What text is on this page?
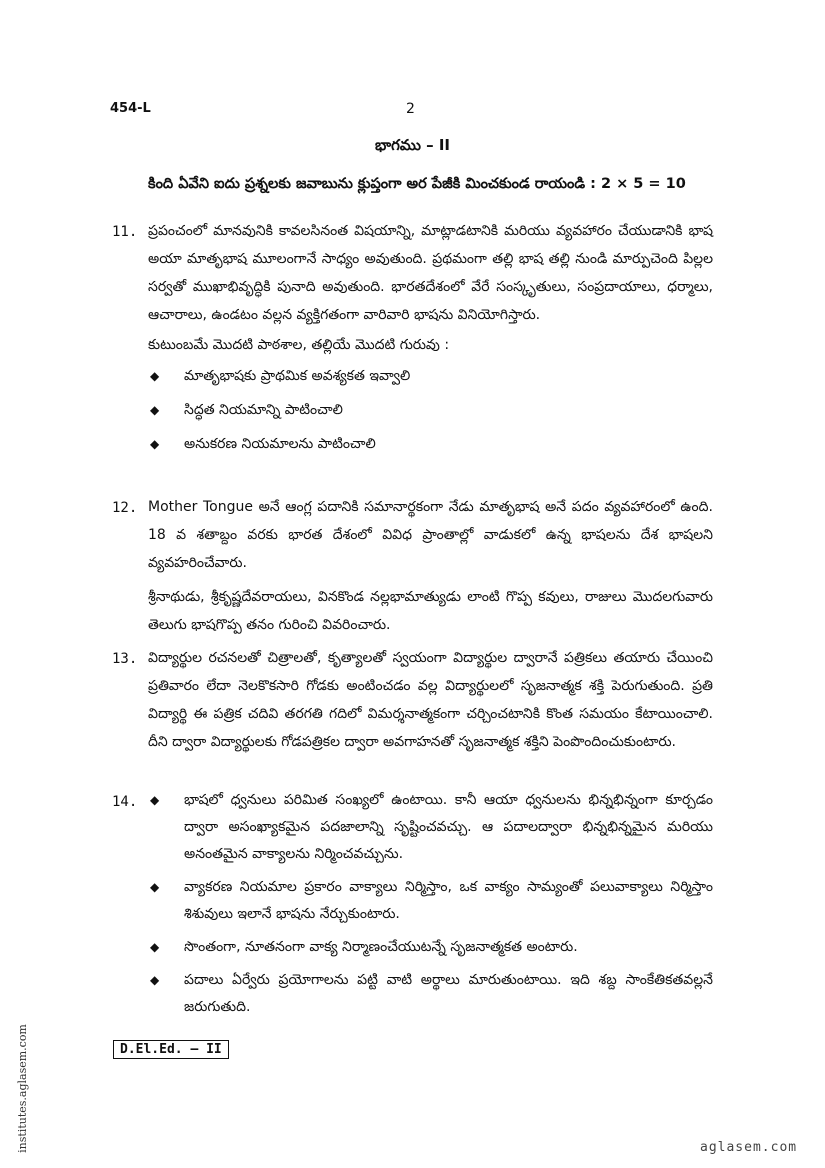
454-L	2
భాగము – II
కింది ఏవేని ఐదు ప్రశ్నలకు జవాబును క్లుప్తంగా అర పేజీకి మించకుండ రాయండి : 2 × 5 = 10
11. ప్రపంచంలో మానవునికి కావలసినంత విషయాన్ని, మాట్లాడటానికి మరియు వ్యవహారం చేయుడానికి భాష అయా మాతృభాష మూలంగానే సాధ్యం అవుతుంది. ప్రథమంగా తల్లి భాష తల్లి నుండి మార్పుచెంది పిల్లల సర్వతో ముఖాభివృద్ధికి పునాది అవుతుంది. భారతదేశంలో వేరే సంస్కృతులు, సంప్రదాయాలు, ధర్మాలు, ఆచారాలు, ఉండటం వల్లన వ్యక్తిగతంగా వారివారి భాషను వినియోగిస్తారు.
కుటుంబమే మొదటి పాఠశాల, తల్లియే మొదటి గురువు :
◆ మాతృభాషకు ప్రాథమిక అవశ్యకత ఇవ్వాలి
◆ సిద్ధత నియమాన్ని పాటించాలి
◆ అనుకరణ నియమాలను పాటించాలి
12. Mother Tongue అనే ఆంగ్ల పదానికి సమానార్థకంగా నేడు మాతృభాష అనే పదం వ్యవహారంలో ఉంది. 18 వ శతాబ్దం వరకు భారత దేశంలో వివిధ ప్రాంతాల్లో వాడుకలో ఉన్న భాషలను దేశ భాషలని వ్యవహరించేవారు.
శ్రీనాథుడు, శ్రీకృష్ణదేవరాయలు, వినకొండ నల్లభామాత్యుడు లాంటి గొప్ప కవులు, రాజులు మొదలగువారు తెలుగు భాషగొప్ప తనం గురించి వివరించారు.
13. విద్యార్థుల రచనలతో చిత్రాలతో, కృత్యాలతో స్వయంగా విద్యార్థుల ద్వారానే పత్రికలు తయారు చేయించి ప్రతివారం లేదా నెలకొకసారి గోడకు అంటించడం వల్ల విద్యార్థులలో సృజనాత్మక శక్తి పెరుగుతుంది. ప్రతి విద్యార్థి ఈ పత్రిక చదివి తరగతి గదిలో విమర్శనాత్మకంగా చర్చించటానికి కొంత సమయం కేటాయించాలి. దీని ద్వారా విద్యార్థులకు గోడపత్రికల ద్వారా అవగాహనతో సృజనాత్మక శక్తిని పెంపొందించుకుంటారు.
14. ◆ భాషలో ధ్వనులు పరిమిత సంఖ్యలో ఉంటాయి. కానీ ఆయా ధ్వనులను భిన్నభిన్నంగా కూర్చడం ద్వారా అసంఖ్యాకమైన పదజాలాన్ని సృష్టించవచ్చు. ఆ పదాలద్వారా భిన్నభిన్నమైన మరియు అనంతమైన వాక్యాలను నిర్మించవచ్చును.
◆ వ్యాకరణ నియమాల ప్రకారం వాక్యాలు నిర్మిస్తాం, ఒక వాక్యం సామ్యంతో పలువాక్యాలు నిర్మిస్తాం శిశువులు ఇలానే భాషను నేర్చుకుంటారు.
◆ సొంతంగా, నూతనంగా వాక్య నిర్మాణంచేయుటన్నే సృజనాత్మకత అంటారు.
◆ పదాలు ఏర్వేరు ప్రయోగాలను పట్టి వాటి అర్థాలు మారుతుంటాయి. ఇది శబ్ద సాంకేతికతవల్లనే జరుగుతుది.
D.El.Ed. – II
institutes.aglasem.com	aglasem.com
